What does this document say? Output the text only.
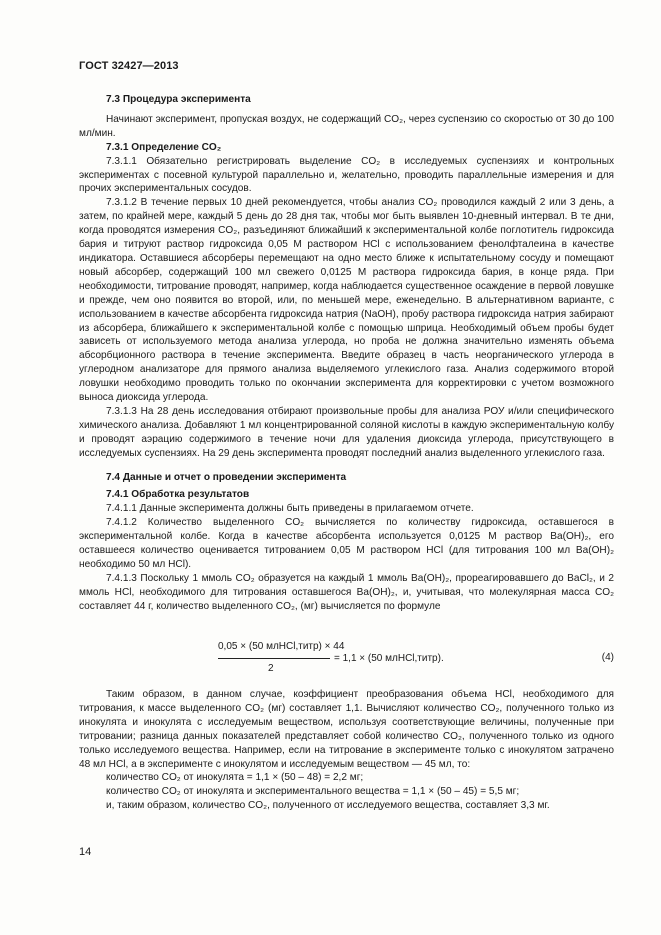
ГОСТ 32427—2013

7.3 Процедура эксперимента

Начинают эксперимент, пропуская воздух, не содержащий CO₂, через суспензию со скоростью от 30 до 100 мл/мин.

7.3.1 Определение CO₂

7.3.1.1 Обязательно регистрировать выделение CO₂ в исследуемых суспензиях и контрольных экспериментах с посевной культурой параллельно и, желательно, проводить параллельные измерения и для прочих экспериментальных сосудов.

7.3.1.2 В течение первых 10 дней рекомендуется, чтобы анализ CO₂ проводился каждый 2 или 3 день, а затем, по крайней мере, каждый 5 день до 28 дня так, чтобы мог быть выявлен 10-дневный интервал. В те дни, когда проводятся измерения CO₂, разъединяют ближайший к экспериментальной колбе поглотитель гидроксида бария и титруют раствор гидроксида 0,05 M раствором HCl с использованием фенолфталеина в качестве индикатора. Оставшиеся абсорберы перемещают на одно место ближе к испытательному сосуду и помещают новый абсорбер, содержащий 100 мл свежего 0,0125 M раствора гидроксида бария, в конце ряда. При необходимости, титрование проводят, например, когда наблюдается существенное осаждение в первой ловушке и прежде, чем оно появится во второй, или, по меньшей мере, еженедельно. В альтернативном варианте, с использованием в качестве абсорбента гидроксида натрия (NaOH), пробу раствора гидроксида натрия забирают из абсорбера, ближайшего к экспериментальной колбе с помощью шприца. Необходимый объем пробы будет зависеть от используемого метода анализа углерода, но проба не должна значительно изменять объема абсорбционного раствора в течение эксперимента. Введите образец в часть неорганического углерода в углеродном анализаторе для прямого анализа выделяемого углекислого газа. Анализ содержимого второй ловушки необходимо проводить только по окончании эксперимента для корректировки с учетом возможного выноса диоксида углерода.

7.3.1.3 На 28 день исследования отбирают произвольные пробы для анализа РОУ и/или специфического химического анализа. Добавляют 1 мл концентрированной соляной кислоты в каждую экспериментальную колбу и проводят аэрацию содержимого в течение ночи для удаления диоксида углерода, присутствующего в исследуемых суспензиях. На 29 день эксперимента проводят последний анализ выделенного углекислого газа.

7.4 Данные и отчет о проведении эксперимента

7.4.1 Обработка результатов

7.4.1.1 Данные эксперимента должны быть приведены в прилагаемом отчете.

7.4.1.2 Количество выделенного CO₂ вычисляется по количеству гидроксида, оставшегося в экспериментальной колбе. Когда в качестве абсорбента используется 0,0125 M раствор Ba(OH)₂, его оставшееся количество оценивается титрованием 0,05 M раствором HCl (для титрования 100 мл Ba(OH)₂ необходимо 50 мл HCl).

7.4.1.3 Поскольку 1 ммоль CO₂ образуется на каждый 1 ммоль Ba(OH)₂, прореагировавшего до BaCl₂, и 2 ммоль HCl, необходимого для титрования оставшегося Ba(OH)₂, и, учитывая, что молекулярная масса CO₂ составляет 44 г, количество выделенного CO₂, (мг) вычисляется по формуле

0,05 × (50 млHCl,титр) × 44
2
= 1,1 × (50 млHCl,титр).	(4)

Таким образом, в данном случае, коэффициент преобразования объема HCl, необходимого для титрования, к массе выделенного CO₂ (мг) составляет 1,1. Вычисляют количество CO₂, полученного только из инокулята и инокулята с исследуемым веществом, используя соответствующие величины, полученные при титровании; разница данных показателей представляет собой количество CO₂, полученного только из одного только исследуемого вещества. Например, если на титрование в эксперименте только с инокулятом затрачено 48 мл HCl, а в эксперименте с инокулятом и исследуемым веществом — 45 мл, то:

количество CO₂ от инокулята = 1,1 × (50 – 48) = 2,2 мг;

количество CO₂ от инокулята и экспериментального вещества = 1,1 × (50 – 45) = 5,5 мг;

и, таким образом, количество CO₂, полученного от исследуемого вещества, составляет 3,3 мг.

14
